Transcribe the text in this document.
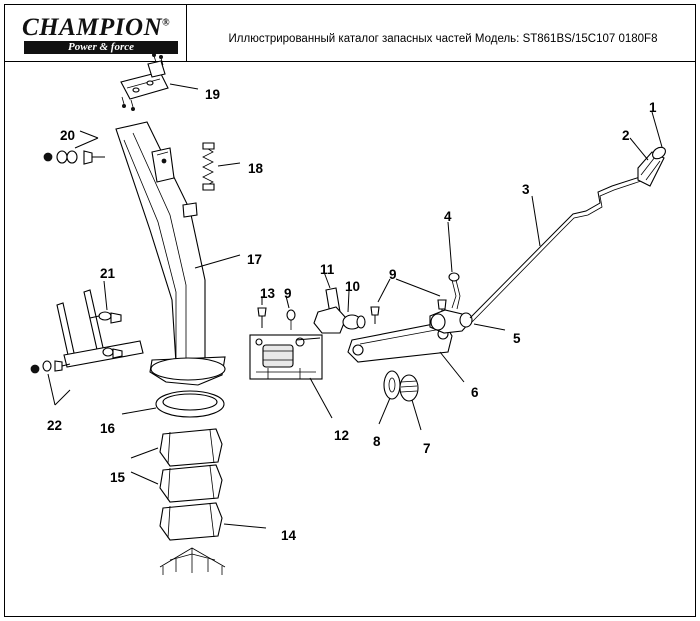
CHAMPION®
Power & force
Иллюстрированный каталог запасных частей Модель: ST861BS/15C107 0180F8
1
2
3
4
5
6
7
8
9
9	10
11
12
13
14
15
16
17
18
19
20
21
22
